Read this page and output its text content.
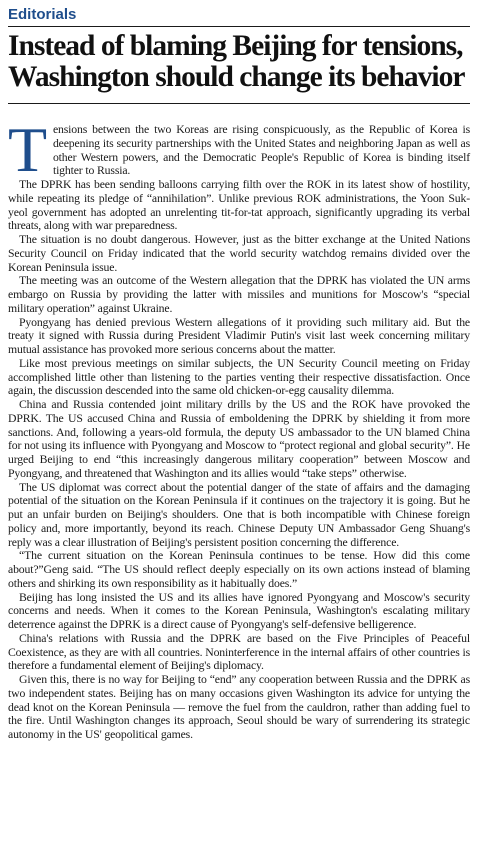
Editorials
Instead of blaming Beijing for tensions, Washington should change its behavior

Tensions between the two Koreas are rising conspicuously, as the Republic of Korea is deepening its security partnerships with the United States and neighboring Japan as well as other Western powers, and the Democratic People's Republic of Korea is binding itself tighter to Russia.

The DPRK has been sending balloons carrying filth over the ROK in its latest show of hostility, while repeating its pledge of “annihilation”. Unlike previous ROK administrations, the Yoon Suk-yeol government has adopted an unrelenting tit-for-tat approach, significantly upgrading its verbal threats, along with war preparedness.

The situation is no doubt dangerous. However, just as the bitter exchange at the United Nations Security Council on Friday indicated that the world security watchdog remains divided over the Korean Peninsula issue.

The meeting was an outcome of the Western allegation that the DPRK has violated the UN arms embargo on Russia by providing the latter with missiles and munitions for Moscow's “special military operation” against Ukraine.

Pyongyang has denied previous Western allegations of it providing such military aid. But the treaty it signed with Russia during President Vladimir Putin's visit last week concerning military mutual assistance has provoked more serious concerns about the matter.

Like most previous meetings on similar subjects, the UN Security Council meeting on Friday accomplished little other than listening to the parties venting their respective dissatisfaction. Once again, the discussion descended into the same old chicken-or-egg causality dilemma.

China and Russia contended joint military drills by the US and the ROK have provoked the DPRK. The US accused China and Russia of emboldening the DPRK by shielding it from more sanctions. And, following a years-old formula, the deputy US ambassador to the UN blamed China for not using its influence with Pyongyang and Moscow to “protect regional and global security”. He urged Beijing to end “this increasingly dangerous military cooperation” between Moscow and Pyongyang, and threatened that Washington and its allies would “take steps” otherwise.

The US diplomat was correct about the potential danger of the state of affairs and the damaging potential of the situation on the Korean Peninsula if it continues on the trajectory it is going. But he put an unfair burden on Beijing's shoulders. One that is both incompatible with Chinese foreign policy and, more importantly, beyond its reach. Chinese Deputy UN Ambassador Geng Shuang's reply was a clear illustration of Beijing's persistent position concerning the difference.

“The current situation on the Korean Peninsula continues to be tense. How did this come about?”Geng said. “The US should reflect deeply especially on its own actions instead of blaming others and shirking its own responsibility as it habitually does.”

Beijing has long insisted the US and its allies have ignored Pyongyang and Moscow's security concerns and needs. When it comes to the Korean Peninsula, Washington's escalating military deterrence against the DPRK is a direct cause of Pyongyang's self-defensive belligerence.

China's relations with Russia and the DPRK are based on the Five Principles of Peaceful Coexistence, as they are with all countries. Noninterference in the internal affairs of other countries is therefore a fundamental element of Beijing's diplomacy.

Given this, there is no way for Beijing to “end” any cooperation between Russia and the DPRK as two independent states. Beijing has on many occasions given Washington its advice for untying the dead knot on the Korean Peninsula — remove the fuel from the cauldron, rather than adding fuel to the fire. Until Washington changes its approach, Seoul should be wary of surrendering its strategic autonomy in the US' geopolitical games.
